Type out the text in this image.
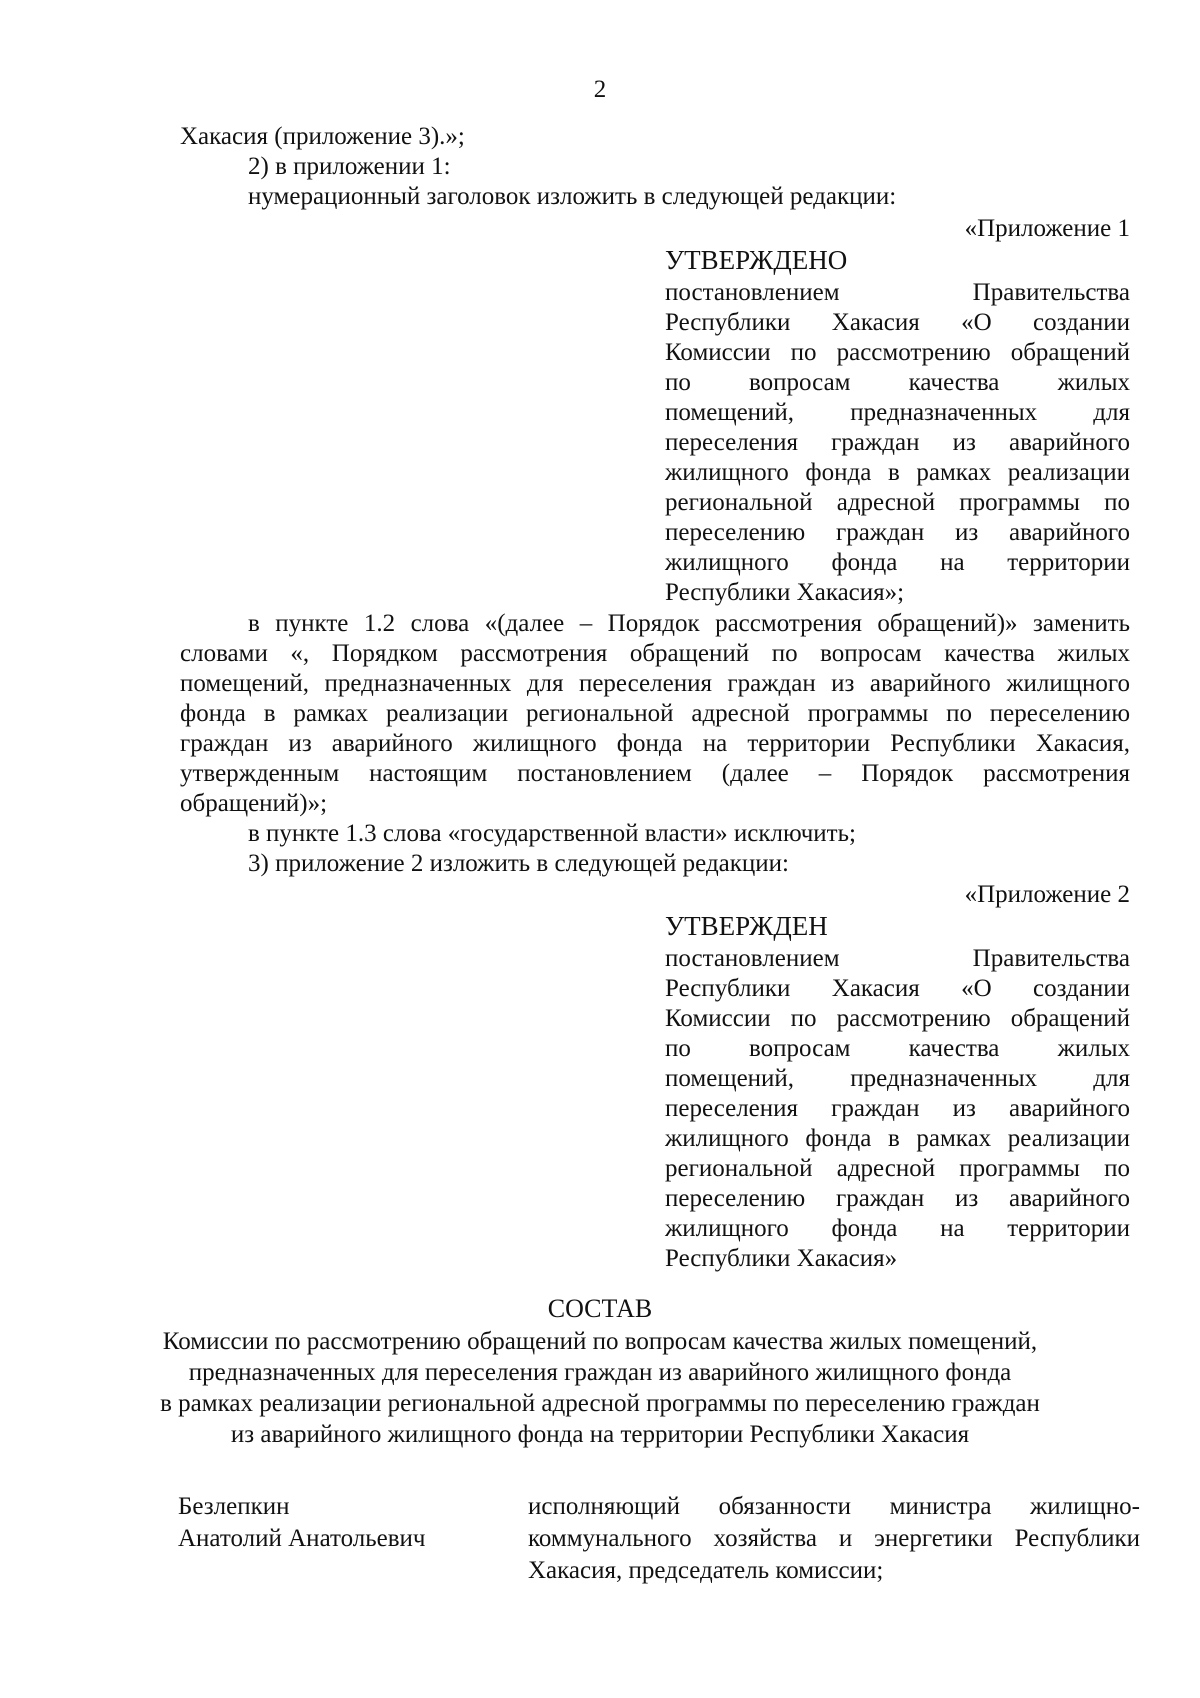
2
Хакасия (приложение 3).»;
2) в приложении 1:
нумерационный заголовок изложить в следующей редакции:
«Приложение 1
УТВЕРЖДЕНО
постановлением Правительства
Республики Хакасия «О создании
Комиссии по рассмотрению обращений
по вопросам качества жилых
помещений, предназначенных для
переселения граждан из аварийного
жилищного фонда в рамках реализации
региональной адресной программы по
переселению граждан из аварийного
жилищного фонда на территории
Республики Хакасия»;
в пункте 1.2 слова «(далее – Порядок рассмотрения обращений)» заменить
словами «, Порядком рассмотрения обращений по вопросам качества жилых
помещений, предназначенных для переселения граждан из аварийного жилищного
фонда в рамках реализации региональной адресной программы по переселению
граждан из аварийного жилищного фонда на территории Республики Хакасия,
утвержденным настоящим постановлением (далее – Порядок рассмотрения
обращений)»;
в пункте 1.3 слова «государственной власти» исключить;
3) приложение 2 изложить в следующей редакции:
«Приложение 2
УТВЕРЖДЕН
постановлением Правительства
Республики Хакасия «О создании
Комиссии по рассмотрению обращений
по вопросам качества жилых
помещений, предназначенных для
переселения граждан из аварийного
жилищного фонда в рамках реализации
региональной адресной программы по
переселению граждан из аварийного
жилищного фонда на территории
Республики Хакасия»
СОСТАВ
Комиссии по рассмотрению обращений по вопросам качества жилых помещений,
предназначенных для переселения граждан из аварийного жилищного фонда
в рамках реализации региональной адресной программы по переселению граждан
из аварийного жилищного фонда на территории Республики Хакасия
Безлепкин
Анатолий Анатольевич
исполняющий обязанности министра жилищно-
коммунального хозяйства и энергетики Республики
Хакасия, председатель комиссии;
